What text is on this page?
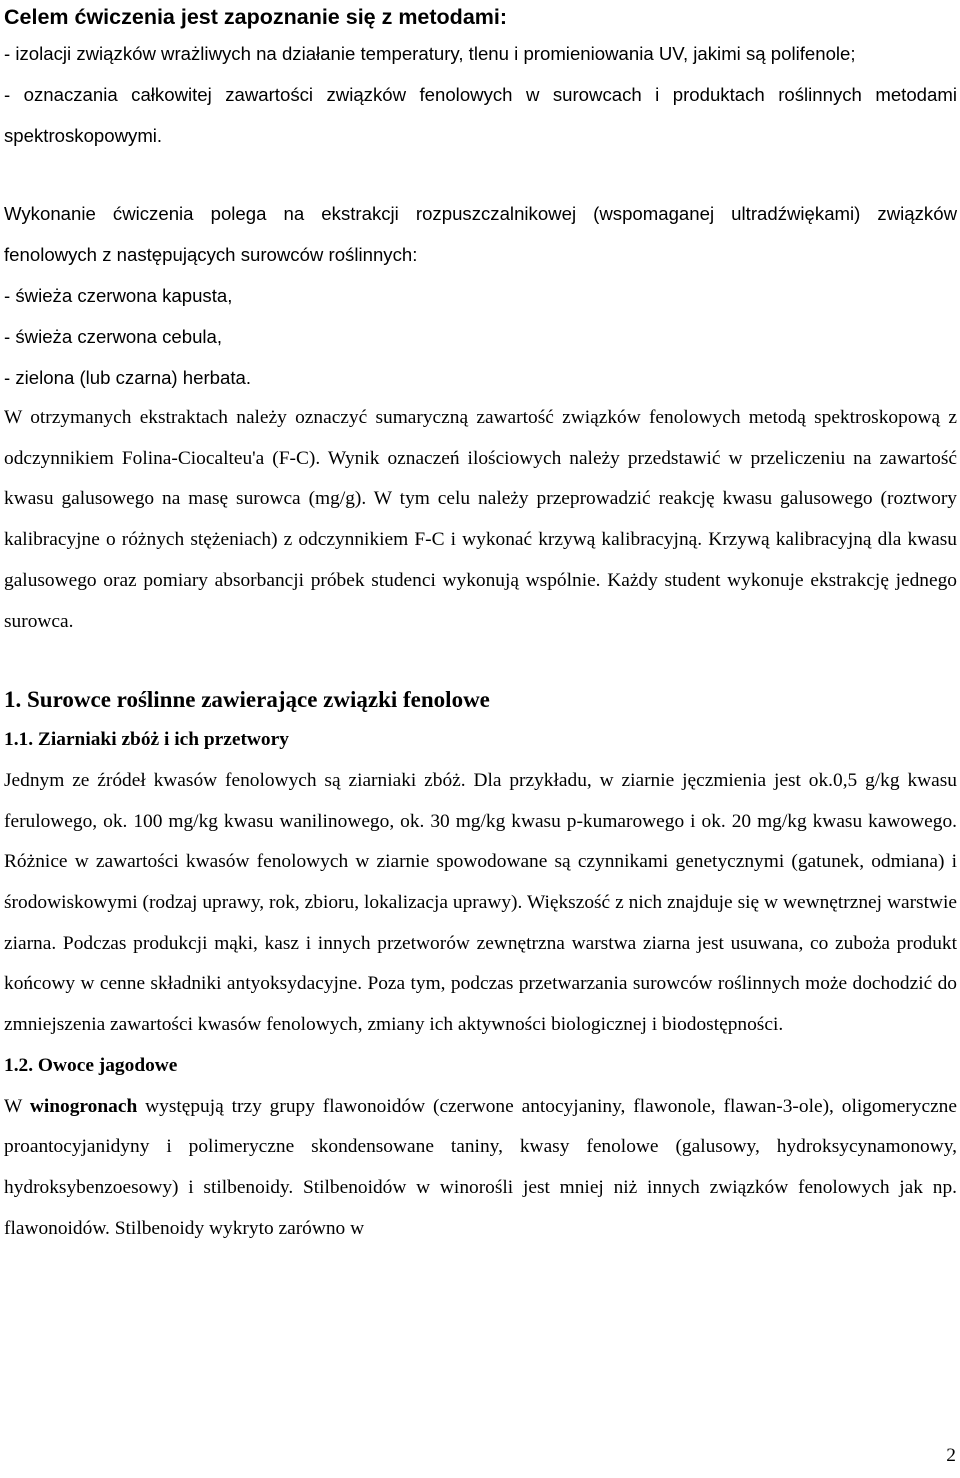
Celem ćwiczenia jest zapoznanie się z metodami:

- izolacji związków wrażliwych na działanie temperatury, tlenu i promieniowania UV, jakimi są polifenole;

- oznaczania całkowitej zawartości związków fenolowych w surowcach i produktach roślinnych metodami spektroskopowymi.

Wykonanie ćwiczenia polega na ekstrakcji rozpuszczalnikowej (wspomaganej ultradźwiękami) związków fenolowych z następujących surowców roślinnych:

- świeża czerwona kapusta,

- świeża czerwona cebula,

- zielona (lub czarna) herbata.

W otrzymanych ekstraktach należy oznaczyć sumaryczną zawartość związków fenolowych metodą spektroskopową z odczynnikiem Folina-Ciocalteu'a (F-C). Wynik oznaczeń ilościowych należy przedstawić w przeliczeniu na zawartość kwasu galusowego na masę surowca (mg/g). W tym celu należy przeprowadzić reakcję kwasu galusowego (roztwory kalibracyjne o różnych stężeniach) z odczynnikiem F-C i wykonać krzywą kalibracyjną. Krzywą kalibracyjną dla kwasu galusowego oraz pomiary absorbancji próbek studenci wykonują wspólnie. Każdy student wykonuje ekstrakcję jednego surowca.

1. Surowce roślinne zawierające związki fenolowe
1.1. Ziarniaki zbóż i ich przetwory

Jednym ze źródeł kwasów fenolowych są ziarniaki zbóż. Dla przykładu, w ziarnie jęczmienia jest ok.0,5 g/kg kwasu ferulowego, ok. 100 mg/kg kwasu wanilinowego, ok. 30 mg/kg kwasu p-kumarowego i ok. 20 mg/kg kwasu kawowego. Różnice w zawartości kwasów fenolowych w ziarnie spowodowane są czynnikami genetycznymi (gatunek, odmiana) i środowiskowymi (rodzaj uprawy, rok, zbioru, lokalizacja uprawy). Większość z nich znajduje się w wewnętrznej warstwie ziarna. Podczas produkcji mąki, kasz i innych przetworów zewnętrzna warstwa ziarna jest usuwana, co zuboża produkt końcowy w cenne składniki antyoksydacyjne. Poza tym, podczas przetwarzania surowców roślinnych może dochodzić do zmniejszenia zawartości kwasów fenolowych, zmiany ich aktywności biologicznej i biodostępności.

1.2. Owoce jagodowe

W winogronach występują trzy grupy flawonoidów (czerwone antocyjaniny, flawonole, flawan-3-ole), oligomeryczne proantocyjanidyny i polimeryczne skondensowane taniny, kwasy fenolowe (galusowy, hydroksycynamonowy, hydroksybenzoesowy) i stilbenoidy. Stilbenoidów w winorośli jest mniej niż innych związków fenolowych jak np. flawonoidów. Stilbenoidy wykryto zarówno w

2
